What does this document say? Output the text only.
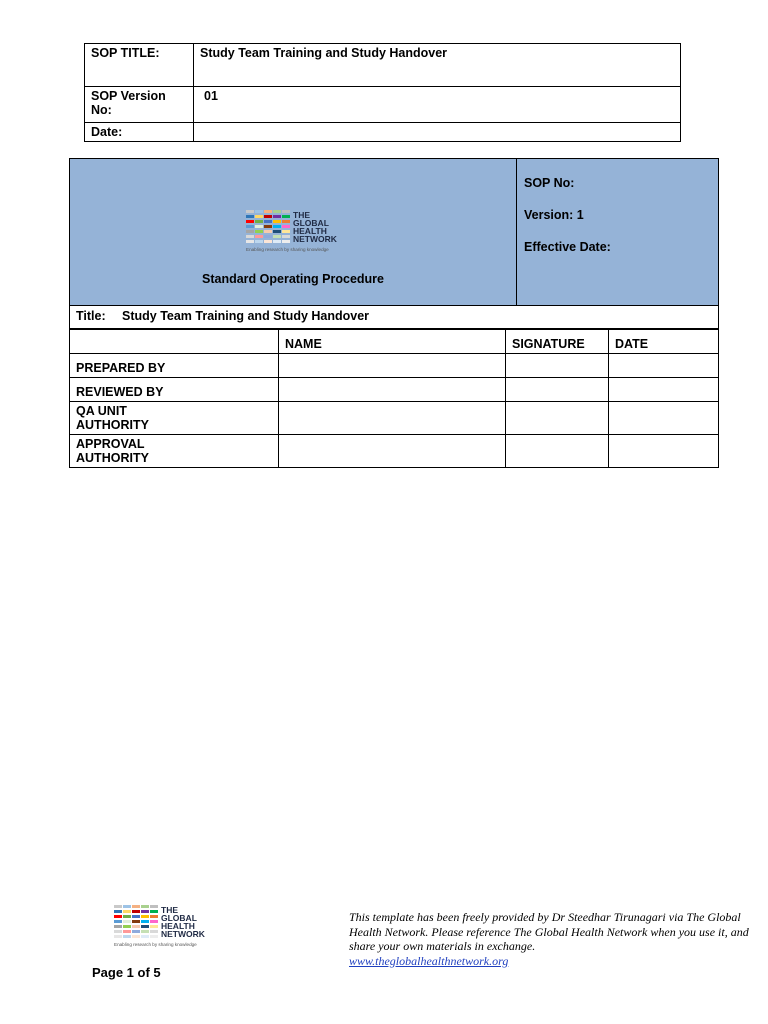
SOP TITLE:	Study Team Training and Study Handover

SOP Version
No:	01
Date:	
THE
GLOBAL
HEALTH
NETWORK
Enabling research by sharing knowledge
Standard Operating Procedure
SOP No:
Version: 1
Effective Date:
Title: Study Team Training and Study Handover
	NAME	SIGNATURE	DATE

PREPARED BY			

REVIEWED BY			

QA UNIT
AUTHORITY			

APPROVAL
AUTHORITY			

THE
GLOBAL
HEALTH
NETWORK
Enabling research by sharing knowledge
This template has been freely provided by Dr Steedhar Tirunagari via The Global Health Network. Please reference The Global Health Network when you use it, and share your own materials in exchange.
www.theglobalhealthnetwork.org
Page 1 of 5
